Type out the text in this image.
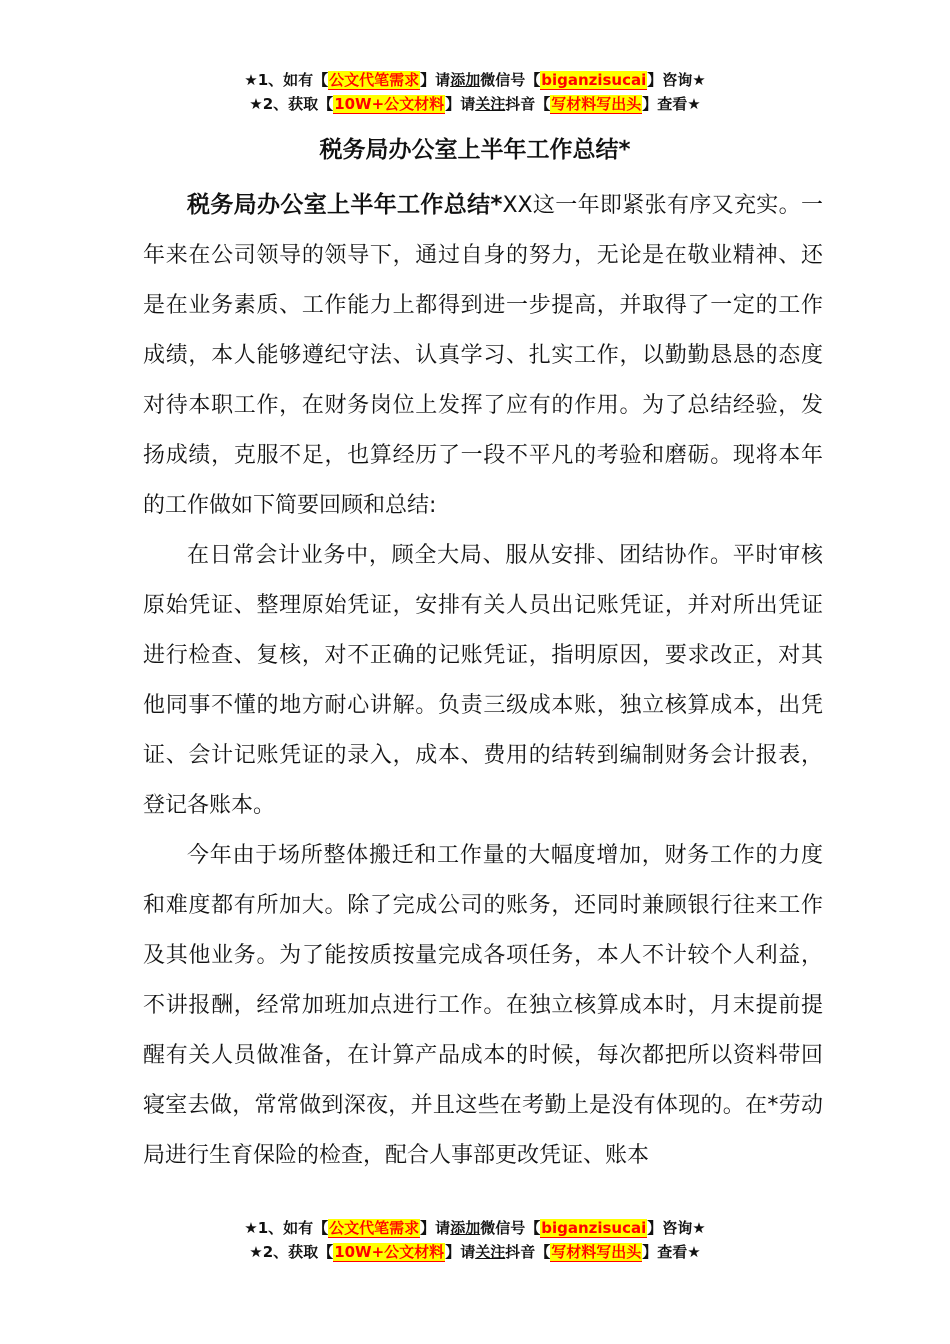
★1、如有【公文代笔需求】请添加微信号【biganzisucai】咨询★
★2、获取【10W+公文材料】请关注抖音【写材料写出头】查看★
税务局办公室上半年工作总结*

税务局办公室上半年工作总结*XX这一年即紧张有序又充实。一年来在公司领导的领导下，通过自身的努力，无论是在敬业精神、还是在业务素质、工作能力上都得到进一步提高，并取得了一定的工作成绩，本人能够遵纪守法、认真学习、扎实工作，以勤勤恳恳的态度对待本职工作，在财务岗位上发挥了应有的作用。为了总结经验，发扬成绩，克服不足，也算经历了一段不平凡的考验和磨砺。现将本年的工作做如下简要回顾和总结:

在日常会计业务中，顾全大局、服从安排、团结协作。平时审核原始凭证、整理原始凭证，安排有关人员出记账凭证，并对所出凭证进行检查、复核，对不正确的记账凭证，指明原因，要求改正，对其他同事不懂的地方耐心讲解。负责三级成本账，独立核算成本，出凭证、会计记账凭证的录入，成本、费用的结转到编制财务会计报表，登记各账本。

今年由于场所整体搬迁和工作量的大幅度增加，财务工作的力度和难度都有所加大。除了完成公司的账务，还同时兼顾银行往来工作及其他业务。为了能按质按量完成各项任务，本人不计较个人利益，不讲报酬，经常加班加点进行工作。在独立核算成本时，月末提前提醒有关人员做准备，在计算产品成本的时候，每次都把所以资料带回寝室去做，常常做到深夜，并且这些在考勤上是没有体现的。在*劳动局进行生育保险的检查，配合人事部更改凭证、账本

★1、如有【公文代笔需求】请添加微信号【biganzisucai】咨询★
★2、获取【10W+公文材料】请关注抖音【写材料写出头】查看★
